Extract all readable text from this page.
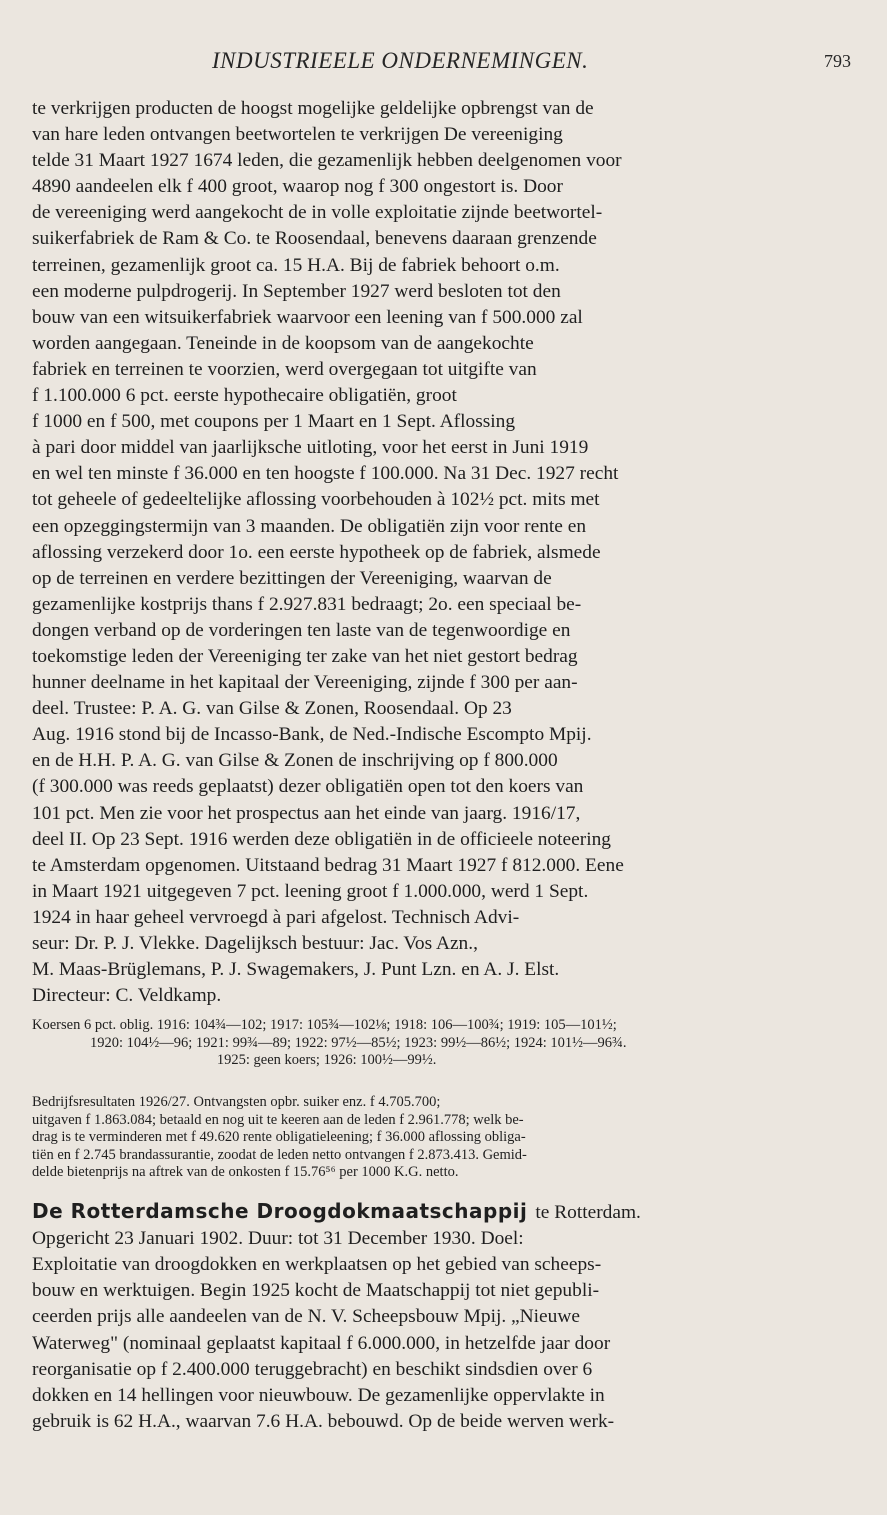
INDUSTRIEELE ONDERNEMINGEN.	793
te verkrijgen producten de hoogst mogelijke geldelijke opbrengst van de
van hare leden ontvangen beetwortelen te verkrijgen De vereeniging
telde 31 Maart 1927 1674 leden, die gezamenlijk hebben deelgenomen voor
4890 aandeelen elk f 400 groot, waarop nog f 300 ongestort is. Door
de vereeniging werd aangekocht de in volle exploitatie zijnde beetwortel-
suikerfabriek de Ram & Co. te Roosendaal, benevens daaraan grenzende
terreinen, gezamenlijk groot ca. 15 H.A. Bij de fabriek behoort o.m.
een moderne pulpdrogerij. In September 1927 werd besloten tot den
bouw van een witsuikerfabriek waarvoor een leening van f 500.000 zal
worden aangegaan. Teneinde in de koopsom van de aangekochte
fabriek en terreinen te voorzien, werd overgegaan tot uitgifte van
f 1.100.000 6 pct. eerste hypothecaire obligatiën, groot
f 1000 en f 500, met coupons per 1 Maart en 1 Sept. Aflossing
à pari door middel van jaarlijksche uitloting, voor het eerst in Juni 1919
en wel ten minste f 36.000 en ten hoogste f 100.000. Na 31 Dec. 1927 recht
tot geheele of gedeeltelijke aflossing voorbehouden à 102½ pct. mits met
een opzeggingstermijn van 3 maanden. De obligatiën zijn voor rente en
aflossing verzekerd door 1o. een eerste hypotheek op de fabriek, alsmede
op de terreinen en verdere bezittingen der Vereeniging, waarvan de
gezamenlijke kostprijs thans f 2.927.831 bedraagt; 2o. een speciaal be-
dongen verband op de vorderingen ten laste van de tegenwoordige en
toekomstige leden der Vereeniging ter zake van het niet gestort bedrag
hunner deelname in het kapitaal der Vereeniging, zijnde f 300 per aan-
deel. Trustee: P. A. G. van Gilse & Zonen, Roosendaal. Op 23
Aug. 1916 stond bij de Incasso-Bank, de Ned.-Indische Escompto Mpij.
en de H.H. P. A. G. van Gilse & Zonen de inschrijving op f 800.000
(f 300.000 was reeds geplaatst) dezer obligatiën open tot den koers van
101 pct. Men zie voor het prospectus aan het einde van jaarg. 1916/17,
deel II. Op 23 Sept. 1916 werden deze obligatiën in de officieele noteering
te Amsterdam opgenomen. Uitstaand bedrag 31 Maart 1927 f 812.000. Eene
in Maart 1921 uitgegeven 7 pct. leening groot f 1.000.000, werd 1 Sept.
1924 in haar geheel vervroegd à pari afgelost. Technisch Advi-
seur: Dr. P. J. Vlekke. Dagelijksch bestuur: Jac. Vos Azn.,
M. Maas-Brüglemans, P. J. Swagemakers, J. Punt Lzn. en A. J. Elst.
Directeur: C. Veldkamp.
Koersen 6 pct. oblig. 1916: 104¾—102; 1917: 105¾—102⅛; 1918: 106—100¾; 1919: 105—101½;
1920: 104½—96; 1921: 99¾—89; 1922: 97½—85½; 1923: 99½—86½; 1924: 101½—96¾.
1925: geen koers; 1926: 100½—99½.
Bedrijfsresultaten 1926/27. Ontvangsten opbr. suiker enz. f 4.705.700;
uitgaven f 1.863.084; betaald en nog uit te keeren aan de leden f 2.961.778; welk be-
drag is te verminderen met f 49.620 rente obligatieleening; f 36.000 aflossing obliga-
tiën en f 2.745 brandassurantie, zoodat de leden netto ontvangen f 2.873.413. Gemid-
delde bietenprijs na aftrek van de onkosten f 15.76⁵⁶ per 1000 K.G. netto.
De Rotterdamsche Droogdokmaatschappij te Rotterdam.
Opgericht 23 Januari 1902. Duur: tot 31 December 1930. Doel:
Exploitatie van droogdokken en werkplaatsen op het gebied van scheeps-
bouw en werktuigen. Begin 1925 kocht de Maatschappij tot niet gepubli-
ceerden prijs alle aandeelen van de N. V. Scheepsbouw Mpij. „Nieuwe
Waterweg" (nominaal geplaatst kapitaal f 6.000.000, in hetzelfde jaar door
reorganisatie op f 2.400.000 teruggebracht) en beschikt sindsdien over 6
dokken en 14 hellingen voor nieuwbouw. De gezamenlijke oppervlakte in
gebruik is 62 H.A., waarvan 7.6 H.A. bebouwd. Op de beide werven werk-
